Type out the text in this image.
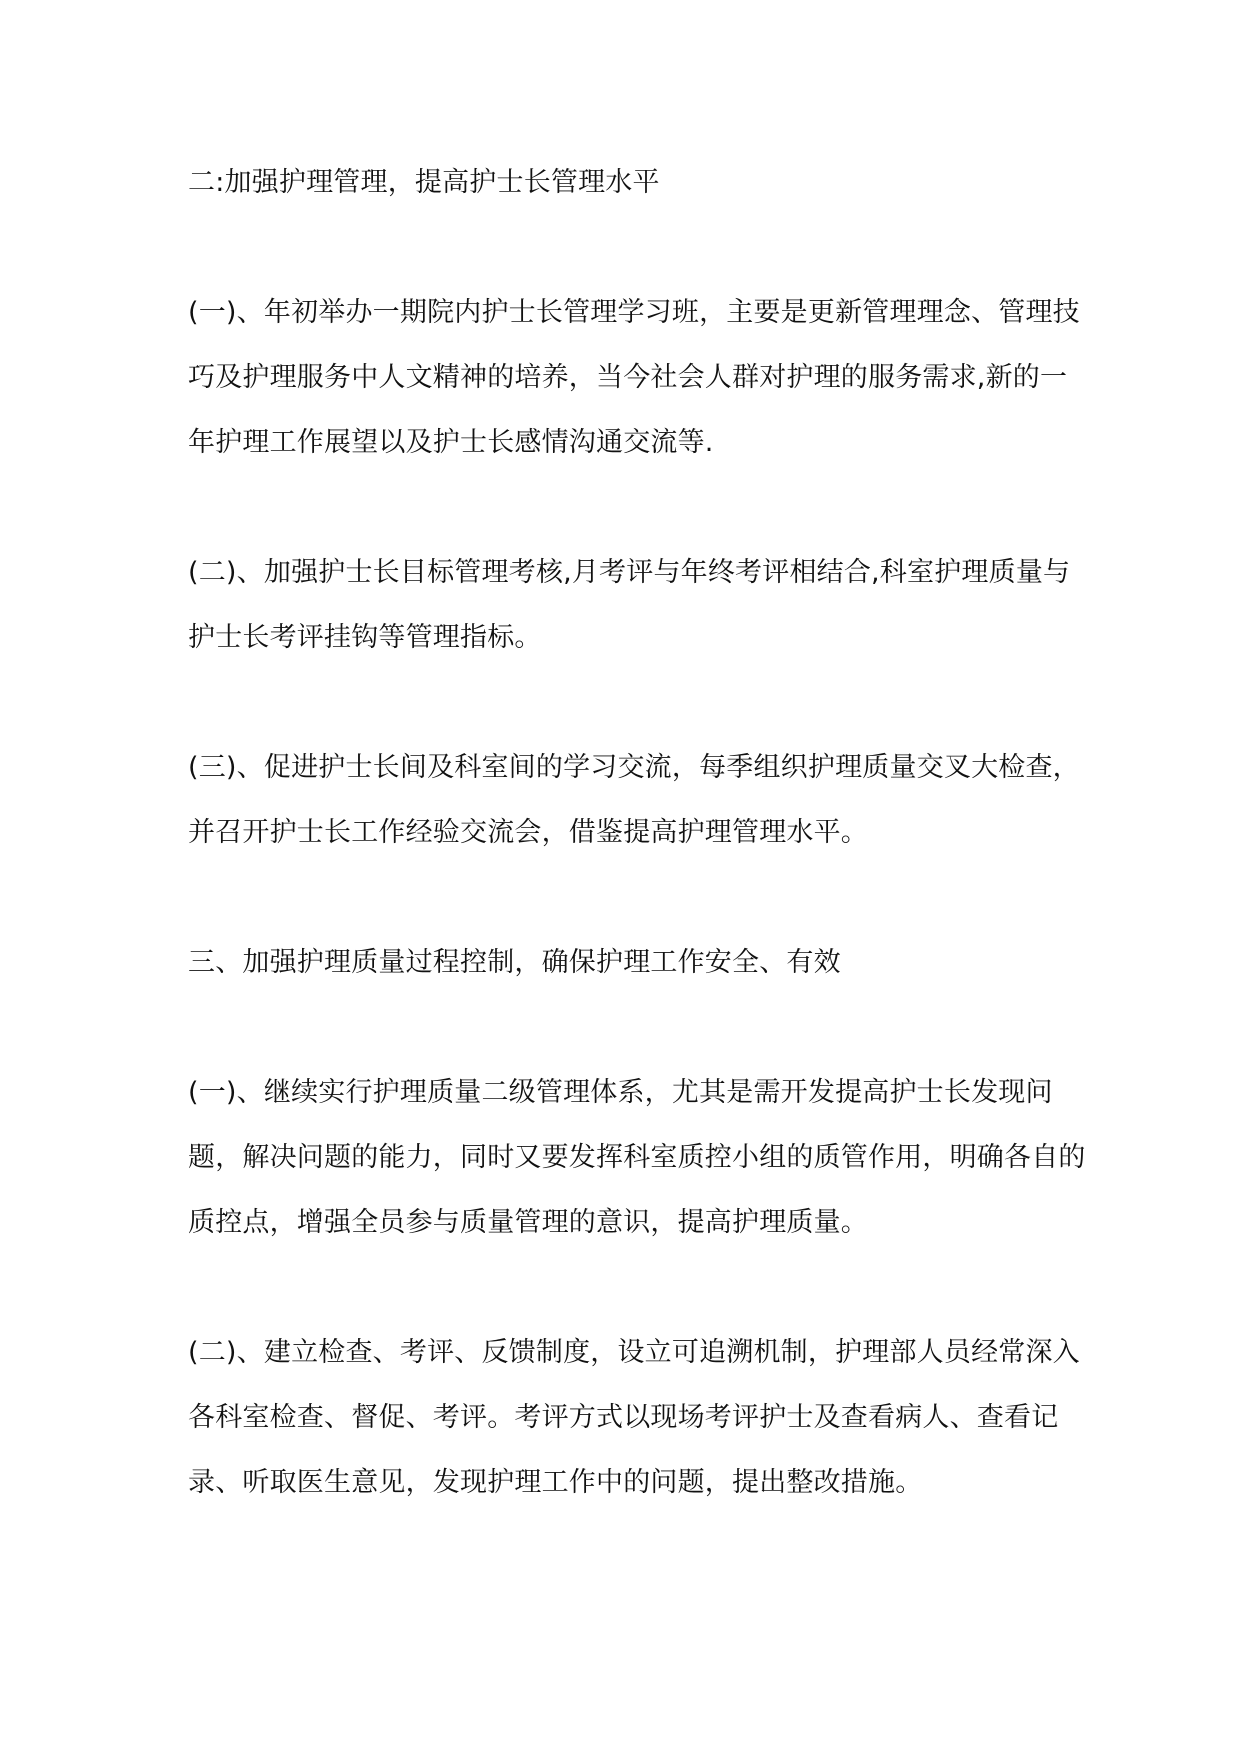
二:加强护理管理，提高护士长管理水平

(一)、年初举办一期院内护士长管理学习班，主要是更新管理理念、管理技巧及护理服务中人文精神的培养，当今社会人群对护理的服务需求,新的一年护理工作展望以及护士长感情沟通交流等.

(二)、加强护士长目标管理考核,月考评与年终考评相结合,科室护理质量与护士长考评挂钩等管理指标。

(三)、促进护士长间及科室间的学习交流，每季组织护理质量交叉大检查，并召开护士长工作经验交流会，借鉴提高护理管理水平。

三、加强护理质量过程控制，确保护理工作安全、有效

(一)、继续实行护理质量二级管理体系，尤其是需开发提高护士长发现问题，解决问题的能力，同时又要发挥科室质控小组的质管作用，明确各自的质控点，增强全员参与质量管理的意识，提高护理质量。

(二)、建立检查、考评、反馈制度，设立可追溯机制，护理部人员经常深入各科室检查、督促、考评。考评方式以现场考评护士及查看病人、查看记录、听取医生意见，发现护理工作中的问题，提出整改措施。
